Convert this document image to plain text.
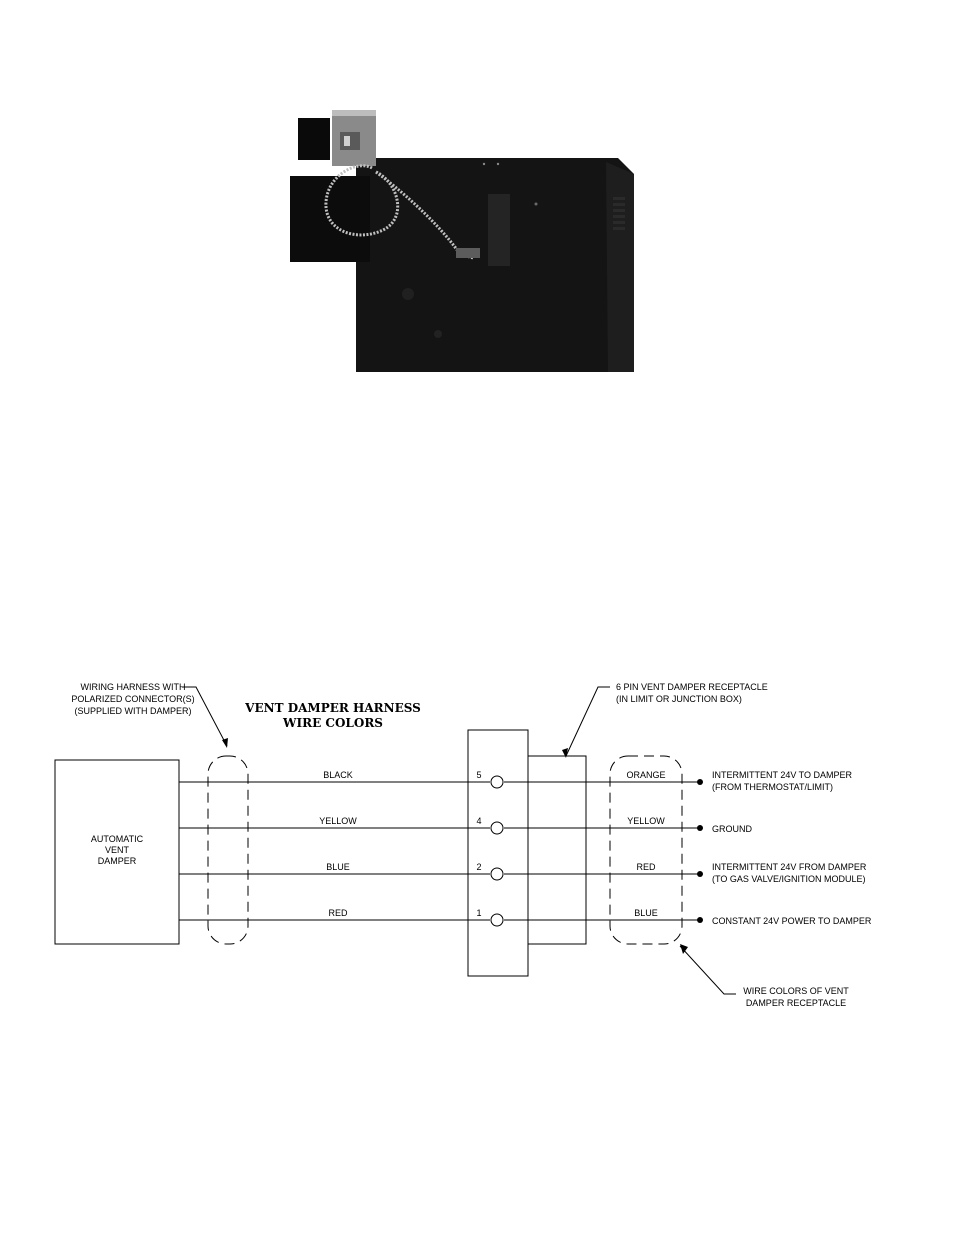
VENT DAMPER HARNESS
WIRE COLORS
WIRING HARNESS WITH
POLARIZED CONNECTOR(S)
(SUPPLIED WITH DAMPER)
6 PIN VENT DAMPER RECEPTACLE
(IN LIMIT OR JUNCTION BOX)
AUTOMATIC
VENT
DAMPER
WIRE COLORS OF VENT
DAMPER RECEPTACLE
BLACK	5	ORANGE	INTERMITTENT 24V TO DAMPER
(FROM THERMOSTAT/LIMIT)
YELLOW	4	YELLOW
GROUND
BLUE	2	RED	INTERMITTENT 24V FROM DAMPER
(TO GAS VALVE/IGNITION MODULE)
RED	1	BLUE
CONSTANT 24V POWER TO DAMPER
